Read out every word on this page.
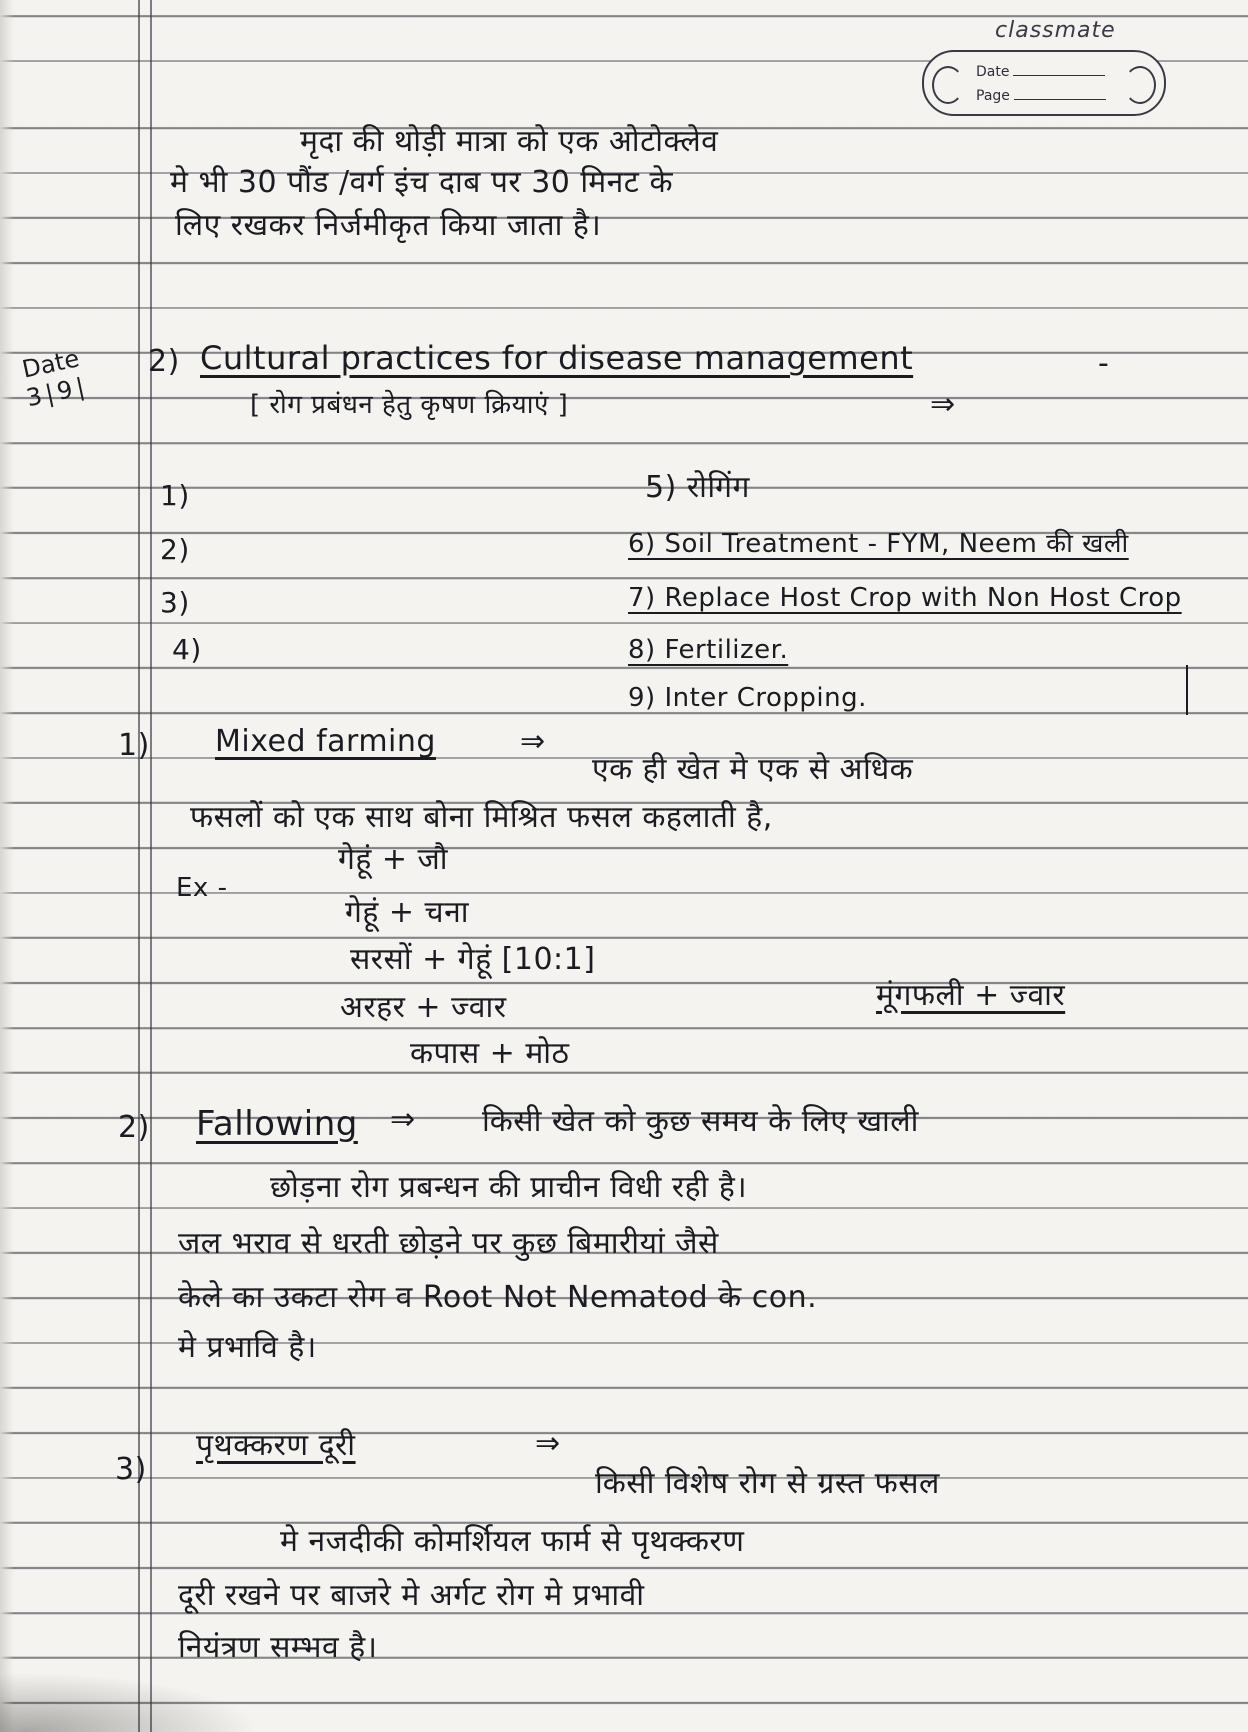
classmate
Date
Page
मृदा की थोड़ी मात्रा को एक ओटोक्लेव
मे भी 30 पौंड /वर्ग इंच दाब पर 30 मिनट के
लिए रखकर निर्जमीकृत किया जाता है।
Date
3|9|
2) Cultural practices for disease management	-
[ रोग प्रबंधन हेतु कृषण क्रियाएं ]	⇒
1)
2)
3)
4)
5) रोगिंग
6) Soil Treatment - FYM, Neem की खली
7) Replace Host Crop with Non Host Crop
8) Fertilizer.
9) Inter Cropping.
1) Mixed farming	⇒
एक ही खेत मे एक से अधिक
फसलों को एक साथ बोना मिश्रित फसल कहलाती है,
Ex -
गेहूं + जौ
गेहूं + चना
सरसों + गेहूं [10:1]
अरहर + ज्वार
कपास + मोठ
मूंगफली + ज्वार
2) Fallowing ⇒ किसी खेत को कुछ समय के लिए खाली
छोड़ना रोग प्रबन्धन की प्राचीन विधी रही है।
जल भराव से धरती छोड़ने पर कुछ बिमारीयां जैसे
केले का उकटा रोग व Root Not Nematod के con.
मे प्रभावि है।
3)
पृथक्करण दूरी	⇒
किसी विशेष रोग से ग्रस्त फसल
मे नजदीकी कोमर्शियल फार्म से पृथक्करण
दूरी रखने पर बाजरे मे अर्गट रोग मे प्रभावी
नियंत्रण सम्भव है।
